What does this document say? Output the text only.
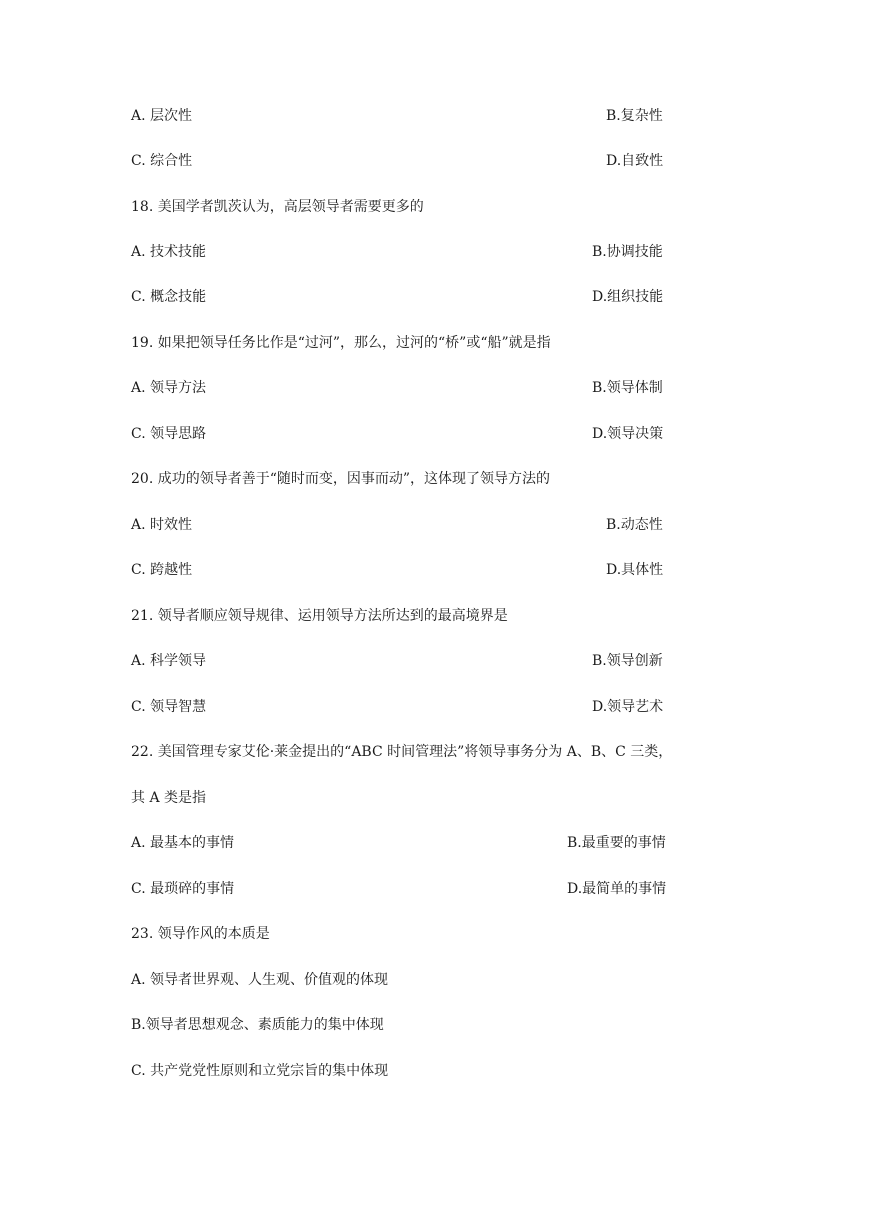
A. 层次性	B.复杂性
C. 综合性	D.自致性
18. 美国学者凯茨认为，高层领导者需要更多的
A. 技术技能	B.协调技能
C. 概念技能	D.组织技能
19. 如果把领导任务比作是“过河”，那么，过河的“桥”或“船”就是指
A. 领导方法	B.领导体制
C. 领导思路	D.领导决策
20. 成功的领导者善于“随时而变，因事而动”，这体现了领导方法的
A. 时效性	B.动态性
C. 跨越性	D.具体性
21. 领导者顺应领导规律、运用领导方法所达到的最高境界是
A. 科学领导	B.领导创新
C. 领导智慧	D.领导艺术
22. 美国管理专家艾伦·莱金提出的“ABC 时间管理法”将领导事务分为 A、B、C 三类，
其 A 类是指
A. 最基本的事情	B.最重要的事情
C. 最琐碎的事情	D.最简单的事情
23. 领导作风的本质是
A. 领导者世界观、人生观、价值观的体现
B.领导者思想观念、素质能力的集中体现
C. 共产党党性原则和立党宗旨的集中体现
